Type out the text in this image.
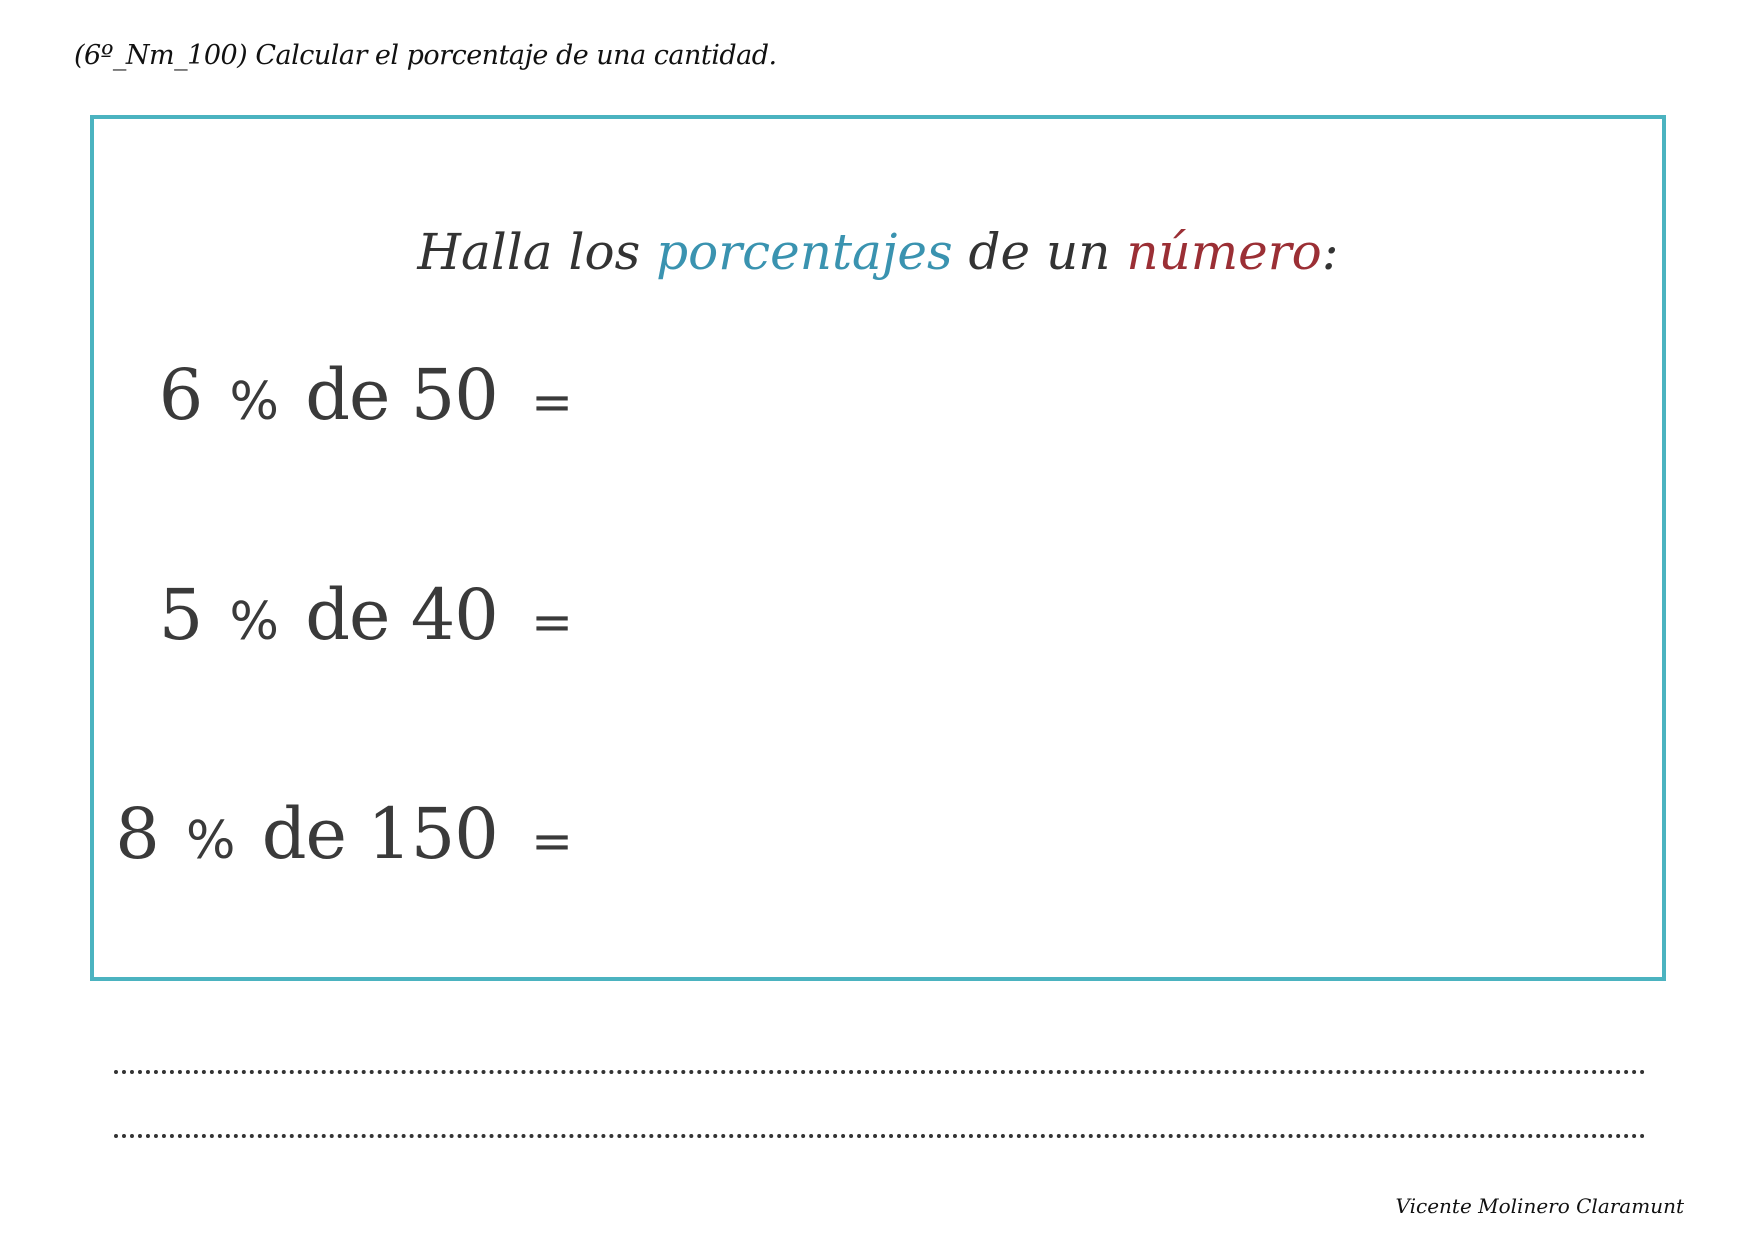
(6º_Nm_100) Calcular el porcentaje de una cantidad.
Halla los porcentajes de un número:
6 % de 50 =
5 % de 40 =
8 % de 150 =
Vicente Molinero Claramunt
